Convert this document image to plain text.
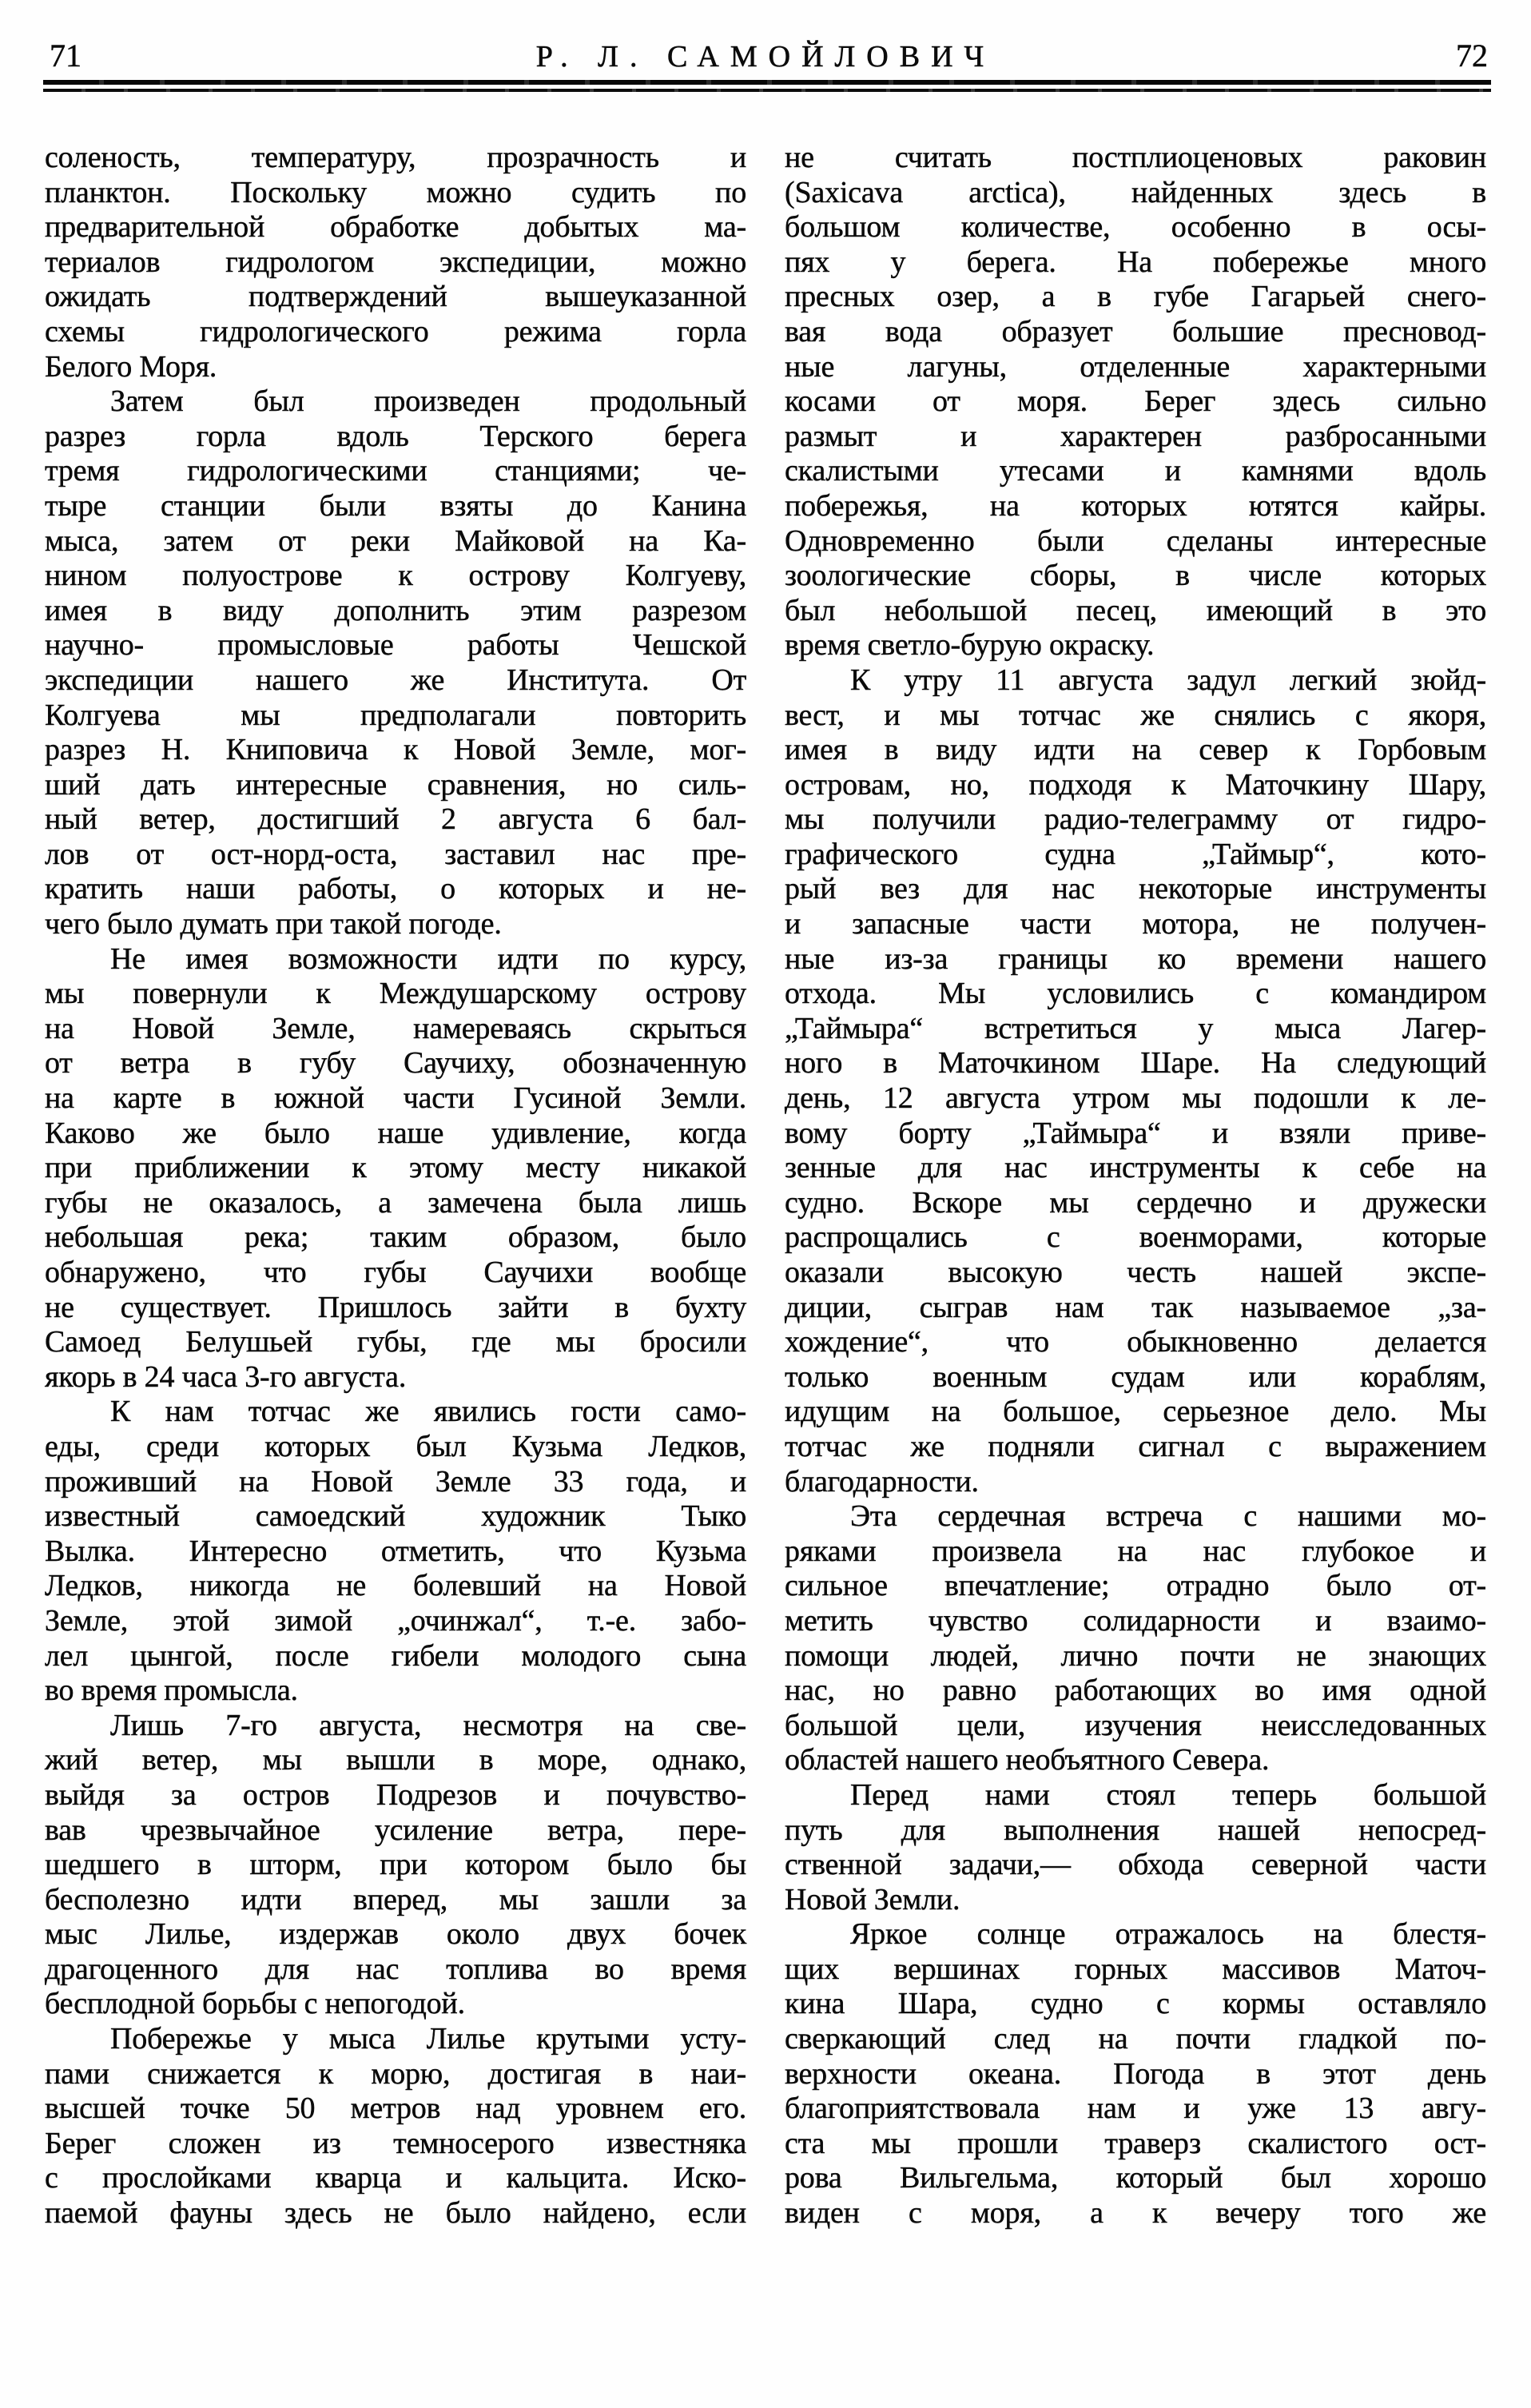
71	Р. Л. САМОЙЛОВИЧ	72
соленость, температуру, прозрачность и
планктон. Поскольку можно судить по
предварительной обработке добытых ма-
териалов гидрологом экспедиции, можно
ожидать подтверждений вышеуказанной
схемы гидрологического режима горла
Белого Моря.
Затем был произведен продольный
разрез горла вдоль Терского берега
тремя гидрологическими станциями; че-
тыре станции были взяты до Канина
мыса, затем от реки Майковой на Ка-
нином полуострове к острову Колгуеву,
имея в виду дополнить этим разрезом
научно- промысловые работы Чешской
экспедиции нашего же Института. От
Колгуева мы предполагали повторить
разрез Н. Книповича к Новой Земле, мог-
ший дать интересные сравнения, но силь-
ный ветер, достигший 2 августа 6 бал-
лов от ост-норд-оста, заставил нас пре-
кратить наши работы, о которых и не-
чего было думать при такой погоде.
Не имея возможности идти по курсу,
мы повернули к Междушарскому острову
на Новой Земле, намереваясь скрыться
от ветра в губу Саучиху, обозначенную
на карте в южной части Гусиной Земли.
Каково же было наше удивление, когда
при приближении к этому месту никакой
губы не оказалось, а замечена была лишь
небольшая река; таким образом, было
обнаружено, что губы Саучихи вообще
не существует. Пришлось зайти в бухту
Самоед Белушьей губы, где мы бросили
якорь в 24 часа 3-го августа.
К нам тотчас же явились гости само-
еды, среди которых был Кузьма Ледков,
проживший на Новой Земле 33 года, и
известный самоедский художник Тыко
Вылка. Интересно отметить, что Кузьма
Ледков, никогда не болевший на Новой
Земле, этой зимой „очинжал“, т.-е. забо-
лел цынгой, после гибели молодого сына
во время промысла.
Лишь 7-го августа, несмотря на све-
жий ветер, мы вышли в море, однако,
выйдя за остров Подрезов и почувство-
вав чрезвычайное усиление ветра, пере-
шедшего в шторм, при котором было бы
бесполезно идти вперед, мы зашли за
мыс Лилье, издержав около двух бочек
драгоценного для нас топлива во время
бесплодной борьбы с непогодой.
Побережье у мыса Лилье крутыми усту-
пами снижается к морю, достигая в наи-
высшей точке 50 метров над уровнем его.
Берег сложен из темносерого известняка
с прослойками кварца и кальцита. Иско-
паемой фауны здесь не было найдено, если
не считать постплиоценовых раковин
(Saxicava arctica), найденных здесь в
большом количестве, особенно в осы-
пях у берега. На побережье много
пресных озер, а в губе Гагарьей снего-
вая вода образует большие пресновод-
ные лагуны, отделенные характерными
косами от моря. Берег здесь сильно
размыт и характерен разбросанными
скалистыми утесами и камнями вдоль
побережья, на которых ютятся кайры.
Одновременно были сделаны интересные
зоологические сборы, в числе которых
был небольшой песец, имеющий в это
время светло-бурую окраску.
К утру 11 августа задул легкий зюйд-
вест, и мы тотчас же снялись с якоря,
имея в виду идти на север к Горбовым
островам, но, подходя к Маточкину Шару,
мы получили радио-телеграмму от гидро-
графического судна „Таймыр“, кото-
рый вез для нас некоторые инструменты
и запасные части мотора, не получен-
ные из-за границы ко времени нашего
отхода. Мы условились с командиром
„Таймыра“ встретиться у мыса Лагер-
ного в Маточкином Шаре. На следующий
день, 12 августа утром мы подошли к ле-
вому борту „Таймыра“ и взяли приве-
зенные для нас инструменты к себе на
судно. Вскоре мы сердечно и дружески
распрощались с военморами, которые
оказали высокую честь нашей экспе-
диции, сыграв нам так называемое „за-
хождение“, что обыкновенно делается
только военным судам или кораблям,
идущим на большое, серьезное дело. Мы
тотчас же подняли сигнал с выражением
благодарности.
Эта сердечная встреча с нашими мо-
ряками произвела на нас глубокое и
сильное впечатление; отрадно было от-
метить чувство солидарности и взаимо-
помощи людей, лично почти не знающих
нас, но равно работающих во имя одной
большой цели, изучения неисследованных
областей нашего необъятного Севера.
Перед нами стоял теперь большой
путь для выполнения нашей непосред-
ственной задачи,— обхода северной части
Новой Земли.
Яркое солнце отражалось на блестя-
щих вершинах горных массивов Маточ-
кина Шара, судно с кормы оставляло
сверкающий след на почти гладкой по-
верхности океана. Погода в этот день
благоприятствовала нам и уже 13 авгу-
ста мы прошли траверз скалистого ост-
рова Вильгельма, который был хорошо
виден с моря, а к вечеру того же
